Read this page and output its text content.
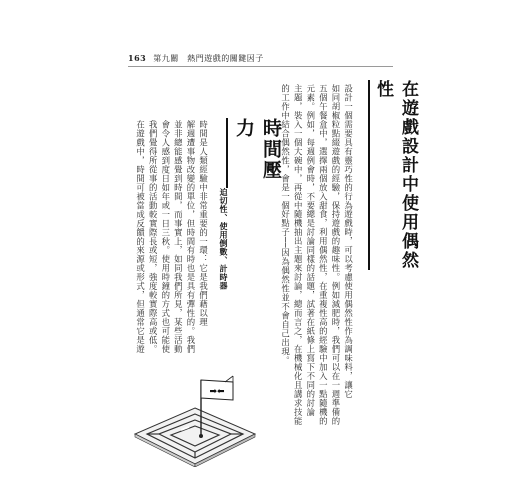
163 第九關　熱門遊戲的關鍵因子
在遊戲設計中使用偶然性
設計一個需要具有靈巧性的行為遊戲時，可以考慮使用偶然性作為調味料，讓它
如同胡椒粒點綴遊戲的經驗，保持遊戲的趣味性。例如減肥時，我們可以在一週準備的
五個午餐盒中，選擇兩個放入甜食，利用偶然性，在重複性高的經驗中加入一點隨機的
元素。例如，每週例會時，不要總是討論同樣的話題，試著在紙條上寫下不同的討論
主題，裝入一個大碗中，再從中隨機抽出主題來討論，總而言之，在機械化且講求技能
的工作中結合偶然性，會是一個好點子──因為偶然性並不會自己出現。
時間壓力
迫切性、使用倒數、計時器
時間是人類經驗中非常重要的一環：它是我們藉以理
解週遭事物改變的單位，但時間有時也是具有彈性的。我們
並非總能感覺到時間，而事實上，如同我們所見，某些活動
會令人感到度日如年或一日三秋。使用時鐘的方式也可能使
我們覺得所從事的活動較實際長或短，強度較實際高或低。
在遊戲中，時間可被當成反饋的來源或形式，但通常它是遊
➡⬅
